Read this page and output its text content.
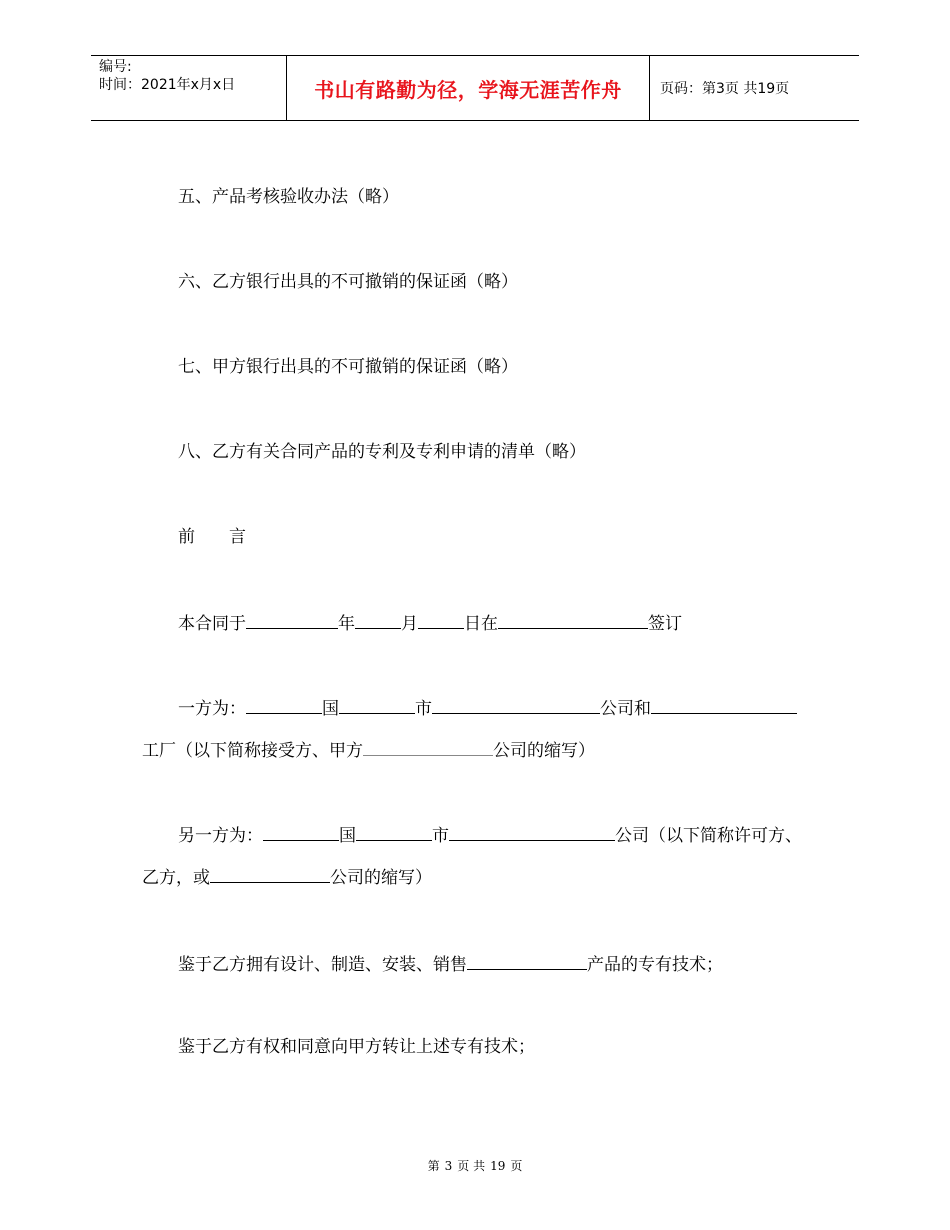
编号:
时间：2021年x月x日	书山有路勤为径，学海无涯苦作舟	页码：第3页 共19页
五、产品考核验收办法（略）
六、乙方银行出具的不可撤销的保证函（略）
七、甲方银行出具的不可撤销的保证函（略）
八、乙方有关合同产品的专利及专利申请的清单（略）
前　　言
本合同于	年	月	日在	签订
一方为：	国	市	公司和
工厂（以下简称接受方、甲方	公司的缩写）
另一方为：	国	市	公司（以下简称许可方、
乙方，或	公司的缩写）
鉴于乙方拥有设计、制造、安装、销售	产品的专有技术；
鉴于乙方有权和同意向甲方转让上述专有技术；
第 3 页 共 19 页
